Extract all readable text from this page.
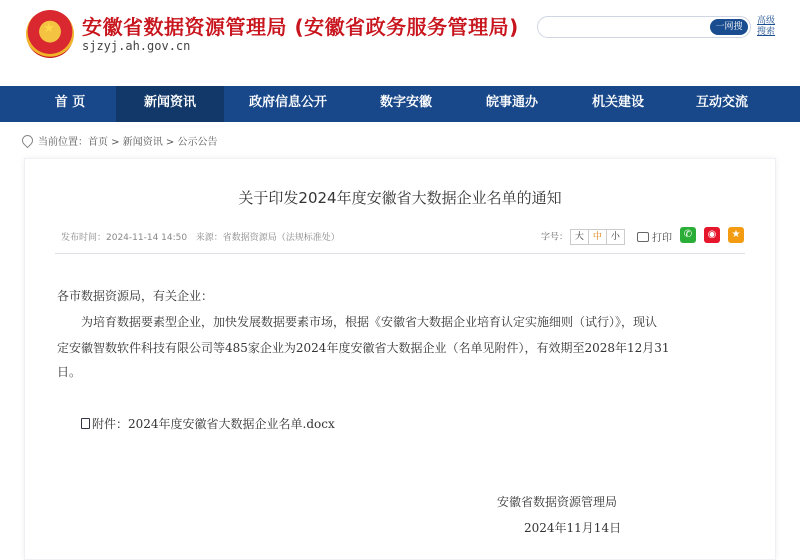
★ 安徽省数据资源管理局 (安徽省政务服务管理局)
sjzyj.ah.gov.cn
一网搜
高级搜索
首 页	新闻资讯	政府信息公开	数字安徽	皖事通办	机关建设	互动交流
当前位置：首页 > 新闻资讯 > 公示公告
关于印发2024年度安徽省大数据企业名单的通知
发布时间：2024-11-14 14:50 来源：省数据资源局（法规标准处）	字号： 大 中 小	打印	✆	◉	★
各市数据资源局，有关企业：
为培育数据要素型企业，加快发展数据要素市场，根据《安徽省大数据企业培育认定实施细则（试行）》，现认
定安徽智数软件科技有限公司等485家企业为2024年度安徽省大数据企业（名单见附件），有效期至2028年12月31
日。
附件：2024年度安徽省大数据企业名单.docx
安徽省数据资源管理局
2024年11月14日
